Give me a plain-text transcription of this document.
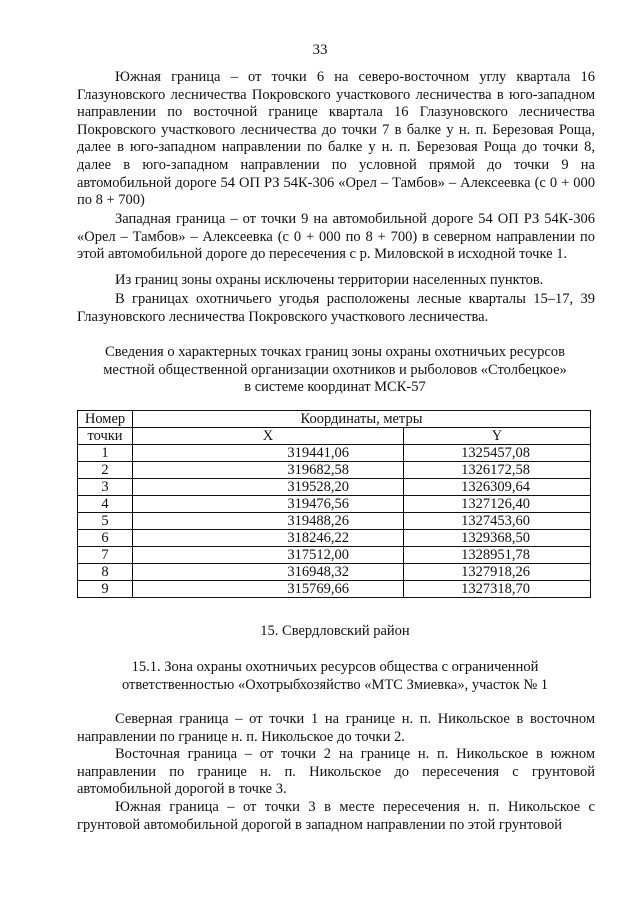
33

Южная граница – от точки 6 на северо-восточном углу квартала 16 Глазуновского лесничества Покровского участкового лесничества в юго-западном направлении по восточной границе квартала 16 Глазуновского лесничества Покровского участкового лесничества до точки 7 в балке у н. п. Березовая Роща, далее в юго-западном направлении по балке у н. п. Березовая Роща до точки 8, далее в юго-западном направлении по условной прямой до точки 9 на автомобильной дороге 54 ОП РЗ 54К-306 «Орел – Тамбов» – Алексеевка (с 0 + 000 по 8 + 700)

Западная граница – от точки 9 на автомобильной дороге 54 ОП РЗ 54К-306 «Орел – Тамбов» – Алексеевка (с 0 + 000 по 8 + 700) в северном направлении по этой автомобильной дороге до пересечения с р. Миловской в исходной точке 1.

Из границ зоны охраны исключены территории населенных пунктов.

В границах охотничьего угодья расположены лесные кварталы 15–17, 39 Глазуновского лесничества Покровского участкового лесничества.

Сведения о характерных точках границ зоны охраны охотничьих ресурсов
местной общественной организации охотников и рыболовов «Столбецкое»
в системе координат МСК-57
Номер	Координаты, метры	
точки	X	Y
1	319441,06	1325457,08
2	319682,58	1326172,58
3	319528,20	1326309,64
4	319476,56	1327126,40
5	319488,26	1327453,60
6	318246,22	1329368,50
7	317512,00	1328951,78
8	316948,32	1327918,26
9	315769,66	1327318,70
15. Свердловский район
15.1. Зона охраны охотничьих ресурсов общества с ограниченной
ответственностью «Охотрыбхозяйство «МТС Змиевка», участок № 1

Северная граница – от точки 1 на границе н. п. Никольское в восточном направлении по границе н. п. Никольское до точки 2.

Восточная граница – от точки 2 на границе н. п. Никольское в южном направлении по границе н. п. Никольское до пересечения с грунтовой автомобильной дорогой в точке 3.

Южная граница – от точки 3 в месте пересечения н. п. Никольское с грунтовой автомобильной дорогой в западном направлении по этой грунтовой
